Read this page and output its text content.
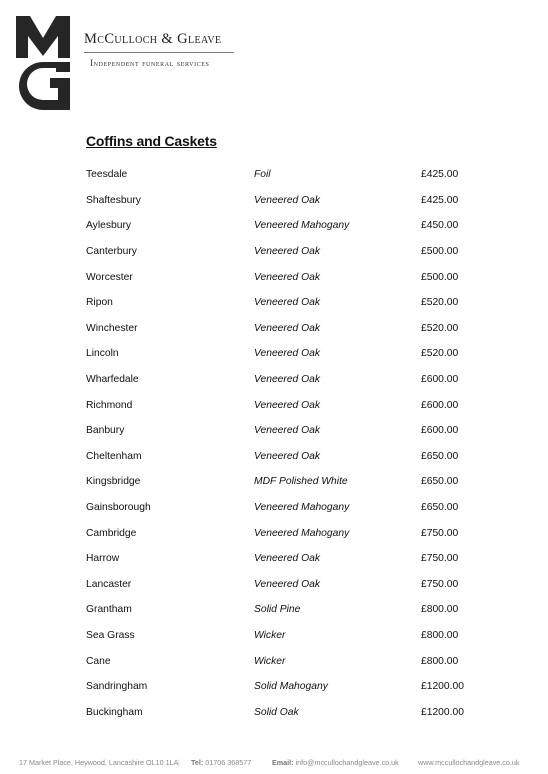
McCulloch & Gleave
Independent funeral services
Coffins and Caskets
Teesdale	Foil	£425.00
Shaftesbury	Veneered Oak	£425.00
Aylesbury	Veneered Mahogany	£450.00
Canterbury	Veneered Oak	£500.00
Worcester	Veneered Oak	£500.00
Ripon	Veneered Oak	£520.00
Winchester	Veneered Oak	£520.00
Lincoln	Veneered Oak	£520.00
Wharfedale	Veneered Oak	£600.00
Richmond	Veneered Oak	£600.00
Banbury	Veneered Oak	£600.00
Cheltenham	Veneered Oak	£650.00
Kingsbridge	MDF Polished White	£650.00
Gainsborough	Veneered Mahogany	£650.00
Cambridge	Veneered Mahogany	£750.00
Harrow	Veneered Oak	£750.00
Lancaster	Veneered Oak	£750.00
Grantham	Solid Pine	£800.00
Sea Grass	Wicker	£800.00
Cane	Wicker	£800.00
Sandringham	Solid Mahogany	£1200.00
Buckingham	Solid Oak	£1200.00
17 Market Place, Heywood, Lancashire OL10 1LA | Tel: 01706 368577	Email: info@mccullochandgleave.co.uk	www.mccullochandgleave.co.uk
